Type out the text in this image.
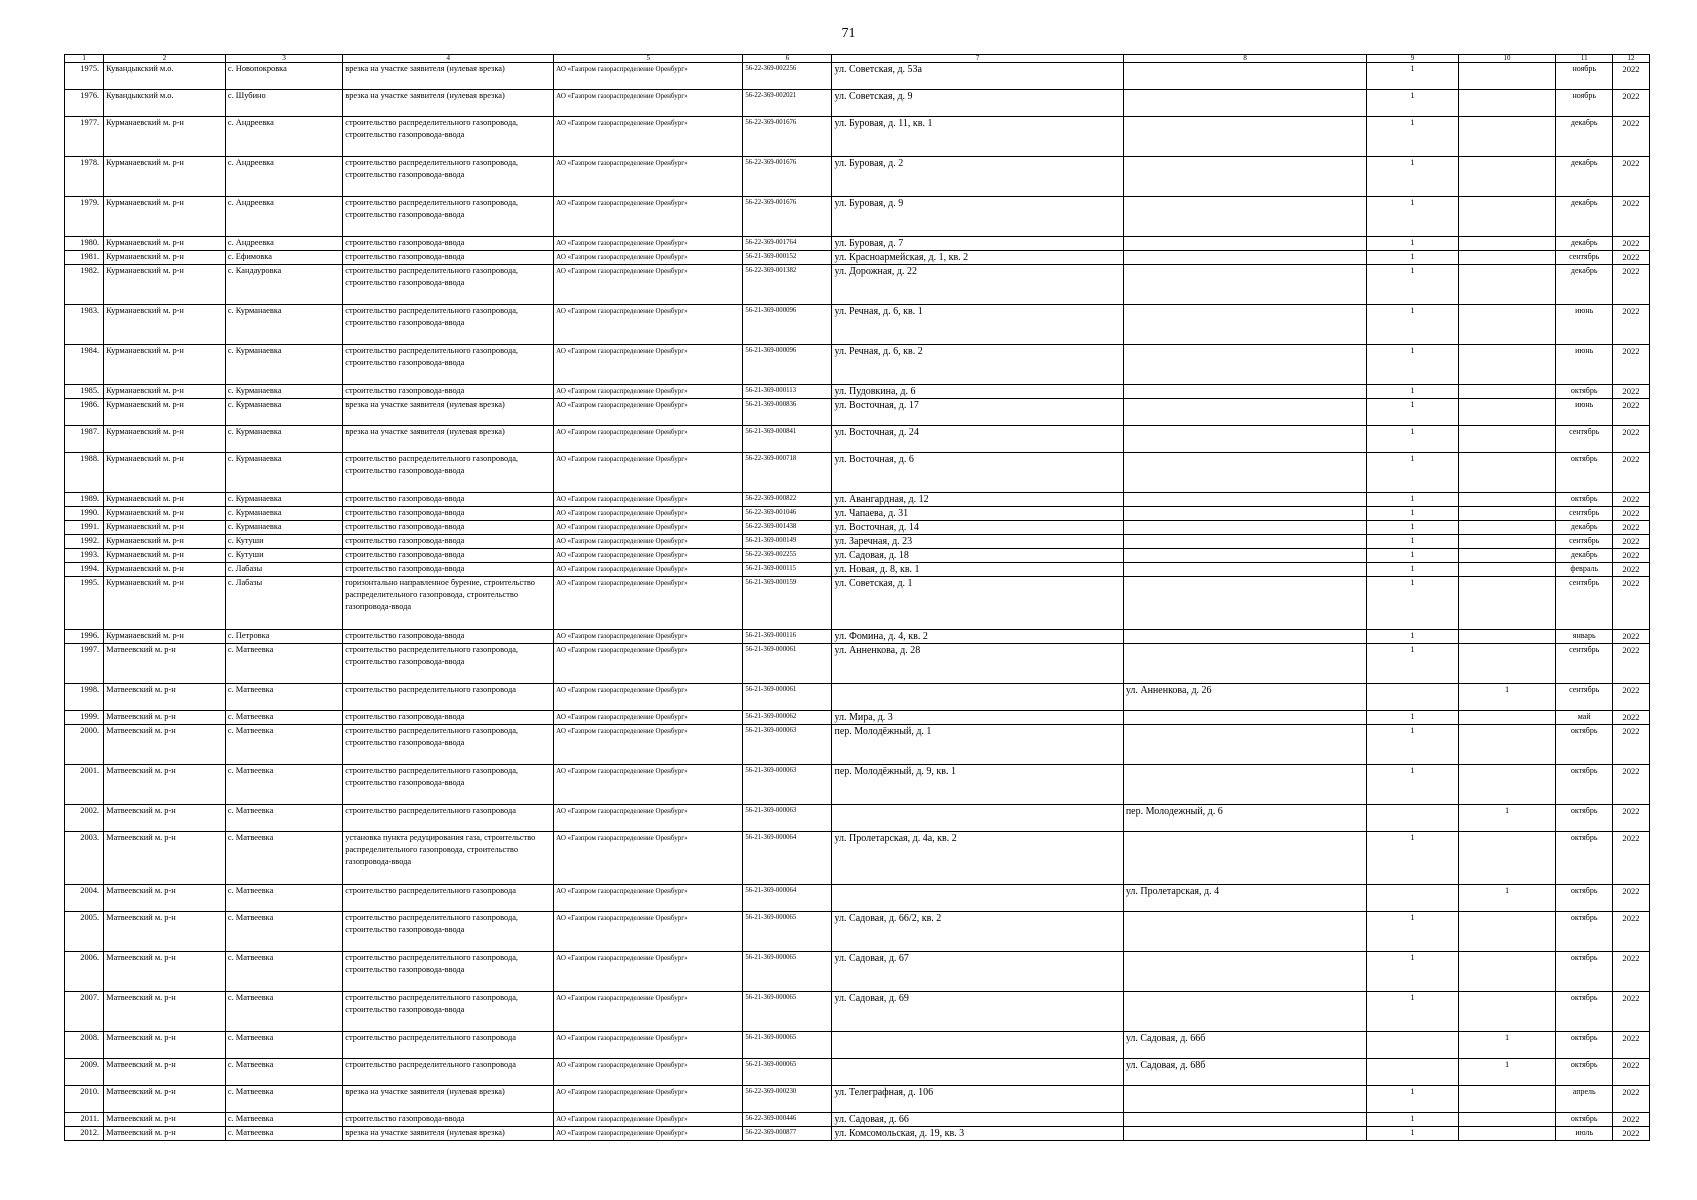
71
1	2	3	4	5	6	7	8	9	10	11	12
1975.	Кувандыкский м.о.	с. Новопокровка	врезка на участке заявителя (нулевая врезка)	АО «Газпром газораспределение Оренбург»	56-22-369-002256	ул. Советская, д. 53а		1		ноябрь	2022
1976.	Кувандыкский м.о.	с. Шубино	врезка на участке заявителя (нулевая врезка)	АО «Газпром газораспределение Оренбург»	56-22-369-002021	ул. Советская, д. 9		1		ноябрь	2022
1977.	Курманаевский м. р-н	с. Андреевка	строительство распределительного газопровода, строительство газопровода-ввода	АО «Газпром газораспределение Оренбург»	56-22-369-001676	ул. Буровая, д. 11, кв. 1		1		декабрь	2022
1978.	Курманаевский м. р-н	с. Андреевка	строительство распределительного газопровода, строительство газопровода-ввода	АО «Газпром газораспределение Оренбург»	56-22-369-001676	ул. Буровая, д. 2		1		декабрь	2022
1979.	Курманаевский м. р-н	с. Андреевка	строительство распределительного газопровода, строительство газопровода-ввода	АО «Газпром газораспределение Оренбург»	56-22-369-001676	ул. Буровая, д. 9		1		декабрь	2022
1980.	Курманаевский м. р-н	с. Андреевка	строительство газопровода-ввода	АО «Газпром газораспределение Оренбург»	56-22-369-001764	ул. Буровая, д. 7		1		декабрь	2022
1981.	Курманаевский м. р-н	с. Ефимовка	строительство газопровода-ввода	АО «Газпром газораспределение Оренбург»	56-21-369-000152	ул. Красноармейская, д. 1, кв. 2		1		сентябрь	2022
1982.	Курманаевский м. р-н	с. Кандауровка	строительство распределительного газопровода, строительство газопровода-ввода	АО «Газпром газораспределение Оренбург»	56-22-369-001382	ул. Дорожная, д. 22		1		декабрь	2022
1983.	Курманаевский м. р-н	с. Курманаевка	строительство распределительного газопровода, строительство газопровода-ввода	АО «Газпром газораспределение Оренбург»	56-21-369-000096	ул. Речная, д. 6, кв. 1		1		июнь	2022
1984.	Курманаевский м. р-н	с. Курманаевка	строительство распределительного газопровода, строительство газопровода-ввода	АО «Газпром газораспределение Оренбург»	56-21-369-000096	ул. Речная, д. 6, кв. 2		1		июнь	2022
1985.	Курманаевский м. р-н	с. Курманаевка	строительство газопровода-ввода	АО «Газпром газораспределение Оренбург»	56-21-369-000113	ул. Пудовкина, д. 6		1		октябрь	2022
1986.	Курманаевский м. р-н	с. Курманаевка	врезка на участке заявителя (нулевая врезка)	АО «Газпром газораспределение Оренбург»	56-21-369-000836	ул. Восточная, д. 17		1		июнь	2022
1987.	Курманаевский м. р-н	с. Курманаевка	врезка на участке заявителя (нулевая врезка)	АО «Газпром газораспределение Оренбург»	56-21-369-000841	ул. Восточная, д. 24		1		сентябрь	2022
1988.	Курманаевский м. р-н	с. Курманаевка	строительство распределительного газопровода, строительство газопровода-ввода	АО «Газпром газораспределение Оренбург»	56-22-369-000718	ул. Восточная, д. 6		1		октябрь	2022
1989.	Курманаевский м. р-н	с. Курманаевка	строительство газопровода-ввода	АО «Газпром газораспределение Оренбург»	56-22-369-000822	ул. Авангардная, д. 12		1		октябрь	2022
1990.	Курманаевский м. р-н	с. Курманаевка	строительство газопровода-ввода	АО «Газпром газораспределение Оренбург»	56-22-369-001046	ул. Чапаева, д. 31		1		сентябрь	2022
1991.	Курманаевский м. р-н	с. Курманаевка	строительство газопровода-ввода	АО «Газпром газораспределение Оренбург»	56-22-369-001438	ул. Восточная, д. 14		1		декабрь	2022
1992.	Курманаевский м. р-н	с. Кутуши	строительство газопровода-ввода	АО «Газпром газораспределение Оренбург»	56-21-369-000149	ул. Заречная, д. 23		1		сентябрь	2022
1993.	Курманаевский м. р-н	с. Кутуши	строительство газопровода-ввода	АО «Газпром газораспределение Оренбург»	56-22-369-002255	ул. Садовая, д. 18		1		декабрь	2022
1994.	Курманаевский м. р-н	с. Лабазы	строительство газопровода-ввода	АО «Газпром газораспределение Оренбург»	56-21-369-000115	ул. Новая, д. 8, кв. 1		1		февраль	2022
1995.	Курманаевский м. р-н	с. Лабазы	горизонтально направленное бурение, строительство распределительного газопровода, строительство газопровода-ввода	АО «Газпром газораспределение Оренбург»	56-21-369-000159	ул. Советская, д. 1		1		сентябрь	2022
1996.	Курманаевский м. р-н	с. Петровка	строительство газопровода-ввода	АО «Газпром газораспределение Оренбург»	56-21-369-000116	ул. Фомина, д. 4, кв. 2		1		январь	2022
1997.	Матвеевский м. р-н	с. Матвеевка	строительство распределительного газопровода, строительство газопровода-ввода	АО «Газпром газораспределение Оренбург»	56-21-369-000061	ул. Анненкова, д. 28		1		сентябрь	2022
1998.	Матвеевский м. р-н	с. Матвеевка	строительство распределительного газопровода	АО «Газпром газораспределение Оренбург»	56-21-369-000061		ул. Анненкова, д. 26		1	сентябрь	2022
1999.	Матвеевский м. р-н	с. Матвеевка	строительство газопровода-ввода	АО «Газпром газораспределение Оренбург»	56-21-369-000062	ул. Мира, д. 3		1		май	2022
2000.	Матвеевский м. р-н	с. Матвеевка	строительство распределительного газопровода, строительство газопровода-ввода	АО «Газпром газораспределение Оренбург»	56-21-369-000063	пер. Молодёжный, д. 1		1		октябрь	2022
2001.	Матвеевский м. р-н	с. Матвеевка	строительство распределительного газопровода, строительство газопровода-ввода	АО «Газпром газораспределение Оренбург»	56-21-369-000063	пер. Молодёжный, д. 9, кв. 1		1		октябрь	2022
2002.	Матвеевский м. р-н	с. Матвеевка	строительство распределительного газопровода	АО «Газпром газораспределение Оренбург»	56-21-369-000063		пер. Молодежный, д. 6		1	октябрь	2022
2003.	Матвеевский м. р-н	с. Матвеевка	установка пункта редуцирования газа, строительство распределительного газопровода, строительство газопровода-ввода	АО «Газпром газораспределение Оренбург»	56-21-369-000064	ул. Пролетарская, д. 4а, кв. 2		1		октябрь	2022
2004.	Матвеевский м. р-н	с. Матвеевка	строительство распределительного газопровода	АО «Газпром газораспределение Оренбург»	56-21-369-000064		ул. Пролетарская, д. 4		1	октябрь	2022
2005.	Матвеевский м. р-н	с. Матвеевка	строительство распределительного газопровода, строительство газопровода-ввода	АО «Газпром газораспределение Оренбург»	56-21-369-000065	ул. Садовая, д. 66/2, кв. 2		1		октябрь	2022
2006.	Матвеевский м. р-н	с. Матвеевка	строительство распределительного газопровода, строительство газопровода-ввода	АО «Газпром газораспределение Оренбург»	56-21-369-000065	ул. Садовая, д. 67		1		октябрь	2022
2007.	Матвеевский м. р-н	с. Матвеевка	строительство распределительного газопровода, строительство газопровода-ввода	АО «Газпром газораспределение Оренбург»	56-21-369-000065	ул. Садовая, д. 69		1		октябрь	2022
2008.	Матвеевский м. р-н	с. Матвеевка	строительство распределительного газопровода	АО «Газпром газораспределение Оренбург»	56-21-369-000065		ул. Садовая, д. 66б		1	октябрь	2022
2009.	Матвеевский м. р-н	с. Матвеевка	строительство распределительного газопровода	АО «Газпром газораспределение Оренбург»	56-21-369-000065		ул. Садовая, д. 68б		1	октябрь	2022
2010.	Матвеевский м. р-н	с. Матвеевка	врезка на участке заявителя (нулевая врезка)	АО «Газпром газораспределение Оренбург»	56-22-369-000230	ул. Телеграфная, д. 106		1		апрель	2022
2011.	Матвеевский м. р-н	с. Матвеевка	строительство газопровода-ввода	АО «Газпром газораспределение Оренбург»	56-22-369-000446	ул. Садовая, д. 66		1		октябрь	2022
2012.	Матвеевский м. р-н	с. Матвеевка	врезка на участке заявителя (нулевая врезка)	АО «Газпром газораспределение Оренбург»	56-22-369-000877	ул. Комсомольская, д. 19, кв. 3		1		июль	2022
